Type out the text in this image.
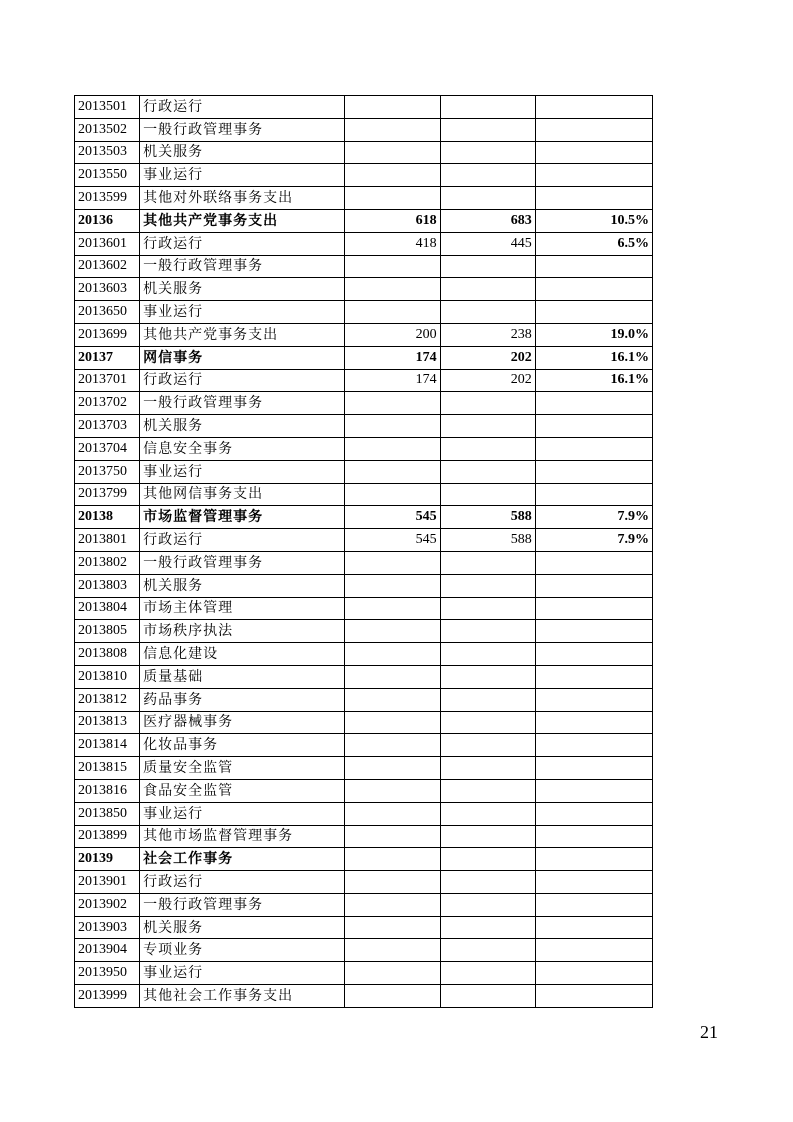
2013501	行政运行			
2013502	一般行政管理事务			
2013503	机关服务			
2013550	事业运行			
2013599	其他对外联络事务支出			
20136	其他共产党事务支出	618	683	10.5%
2013601	行政运行	418	445	6.5%
2013602	一般行政管理事务			
2013603	机关服务			
2013650	事业运行			
2013699	其他共产党事务支出	200	238	19.0%
20137	网信事务	174	202	16.1%
2013701	行政运行	174	202	16.1%
2013702	一般行政管理事务			
2013703	机关服务			
2013704	信息安全事务			
2013750	事业运行			
2013799	其他网信事务支出			
20138	市场监督管理事务	545	588	7.9%
2013801	行政运行	545	588	7.9%
2013802	一般行政管理事务			
2013803	机关服务			
2013804	市场主体管理			
2013805	市场秩序执法			
2013808	信息化建设			
2013810	质量基础			
2013812	药品事务			
2013813	医疗器械事务			
2013814	化妆品事务			
2013815	质量安全监管			
2013816	食品安全监管			
2013850	事业运行			
2013899	其他市场监督管理事务			
20139	社会工作事务			
2013901	行政运行			
2013902	一般行政管理事务			
2013903	机关服务			
2013904	专项业务			
2013950	事业运行			
2013999	其他社会工作事务支出			
21
